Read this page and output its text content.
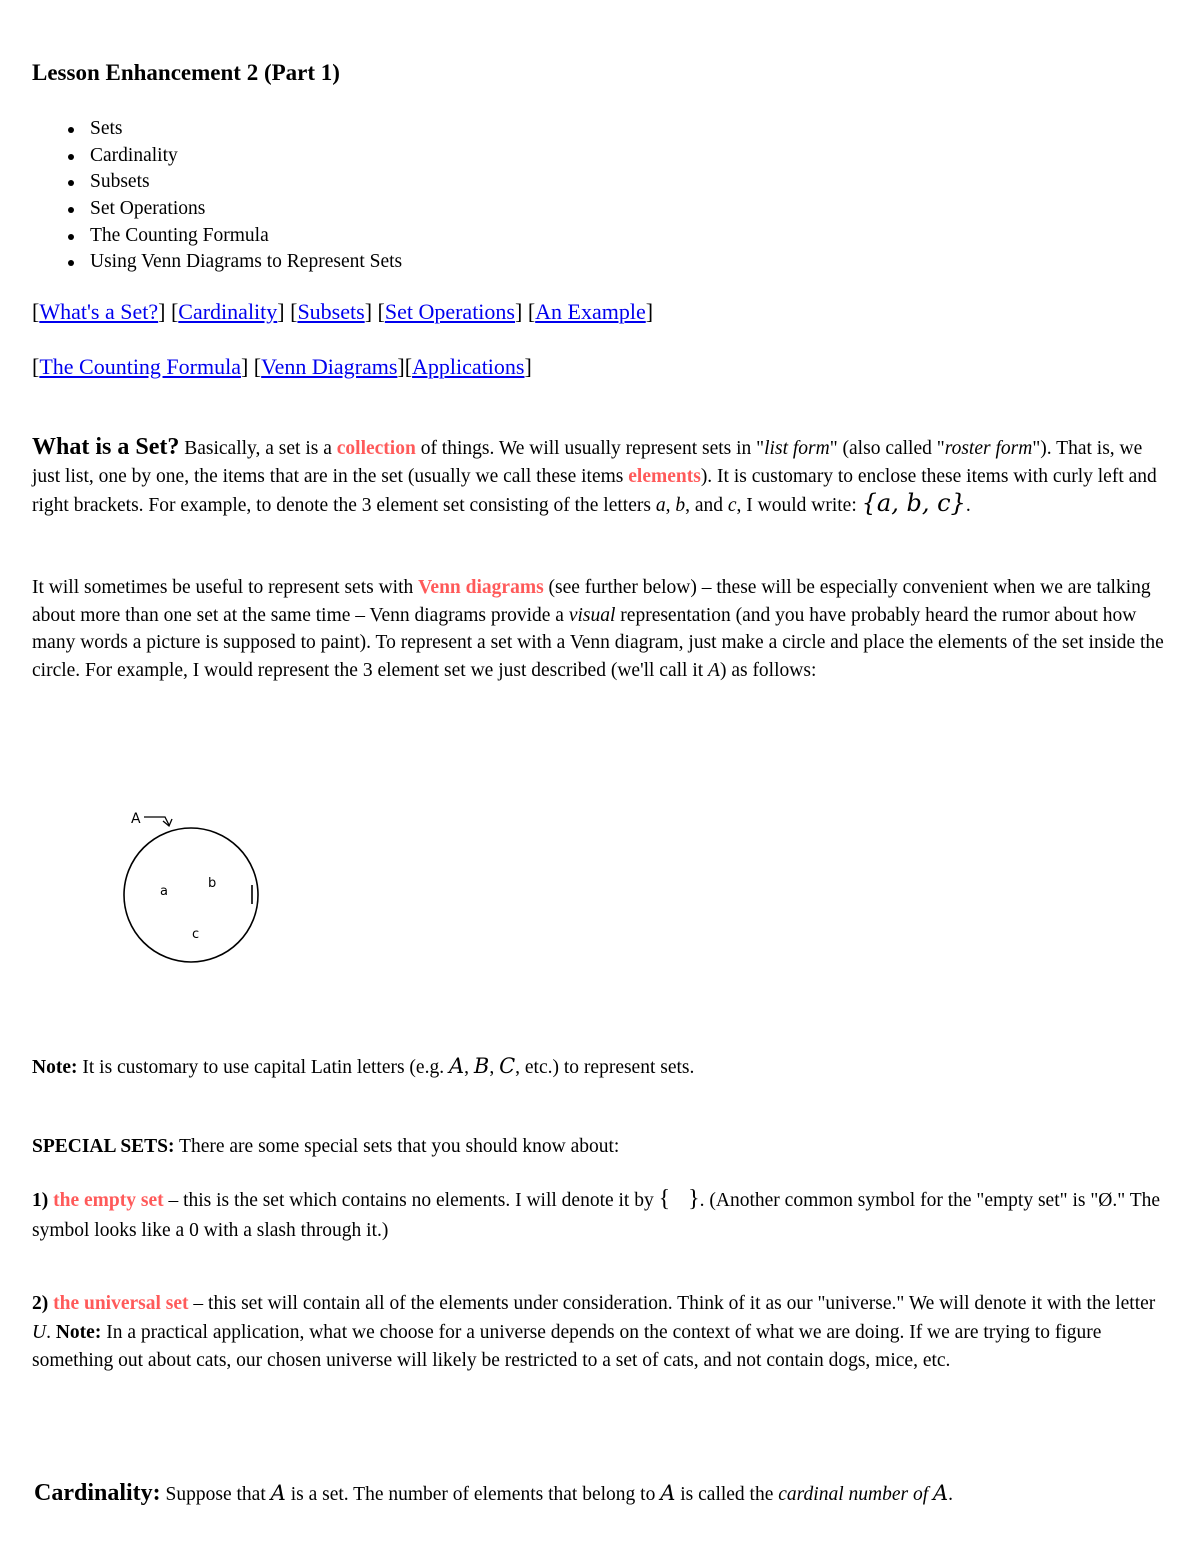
Lesson Enhancement 2 (Part 1)
Sets
Cardinality
Subsets
Set Operations
The Counting Formula
Using Venn Diagrams to Represent Sets
[What's a Set?] [Cardinality] [Subsets] [Set Operations] [An Example]
[The Counting Formula] [Venn Diagrams][Applications]
What is a Set? Basically, a set is a collection of things. We will usually represent sets in "list form" (also called "roster form"). That is, we just list, one by one, the items that are in the set (usually we call these items elements). It is customary to enclose these items with curly left and right brackets. For example, to denote the 3 element set consisting of the letters a, b, and c, I would write: {a, b, c}.
It will sometimes be useful to represent sets with Venn diagrams (see further below) – these will be especially convenient when we are talking about more than one set at the same time – Venn diagrams provide a visual representation (and you have probably heard the rumor about how many words a picture is supposed to paint). To represent a set with a Venn diagram, just make a circle and place the elements of the set inside the circle. For example, I would represent the 3 element set we just described (we'll call it A) as follows:
A
a
b
c
Note: It is customary to use capital Latin letters (e.g. A, B, C, etc.) to represent sets.
SPECIAL SETS: There are some special sets that you should know about:
1) the empty set – this is the set which contains no elements. I will denote it by {   }. (Another common symbol for the "empty set" is "Ø." The symbol looks like a 0 with a slash through it.)
2) the universal set – this set will contain all of the elements under consideration. Think of it as our "universe." We will denote it with the letter U. Note: In a practical application, what we choose for a universe depends on the context of what we are doing. If we are trying to figure something out about cats, our chosen universe will likely be restricted to a set of cats, and not contain dogs, mice, etc.
Cardinality: Suppose that A is a set. The number of elements that belong to A is called the cardinal number of A.
